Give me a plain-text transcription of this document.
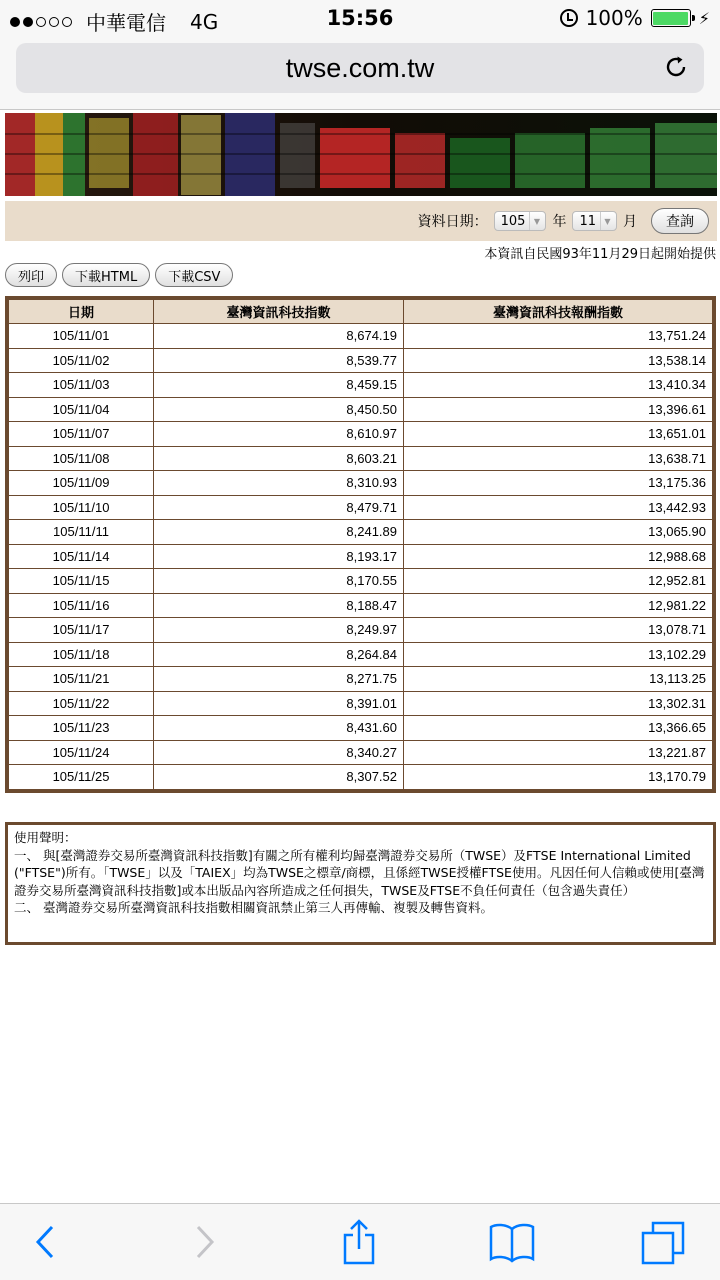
中華電信 4G	15:56	100%	⚡
twse.com.tw
資料日期： 105	▼ 年 11	▼ 月	查詢
本資訊自民國93年11月29日起開始提供
列印	下載HTML	下載CSV
日期	臺灣資訊科技指數	臺灣資訊科技報酬指數
105/11/01	8,674.19	13,751.24
105/11/02	8,539.77	13,538.14
105/11/03	8,459.15	13,410.34
105/11/04	8,450.50	13,396.61
105/11/07	8,610.97	13,651.01
105/11/08	8,603.21	13,638.71
105/11/09	8,310.93	13,175.36
105/11/10	8,479.71	13,442.93
105/11/11	8,241.89	13,065.90
105/11/14	8,193.17	12,988.68
105/11/15	8,170.55	12,952.81
105/11/16	8,188.47	12,981.22
105/11/17	8,249.97	13,078.71
105/11/18	8,264.84	13,102.29
105/11/21	8,271.75	13,113.25
105/11/22	8,391.01	13,302.31
105/11/23	8,431.60	13,366.65
105/11/24	8,340.27	13,221.87
105/11/25	8,307.52	13,170.79

使用聲明：

一、 與[臺灣證券交易所臺灣資訊科技指數]有關之所有權利均歸臺灣證券交易所（TWSE）及FTSE International Limited ("FTSE")所有。「TWSE」以及「TAIEX」均為TWSE之標章/商標，且係經TWSE授權FTSE使用。凡因任何人信賴或使用[臺灣證券交易所臺灣資訊科技指數]或本出版品內容所造成之任何損失，TWSE及FTSE不負任何責任（包含過失責任）

二、 臺灣證券交易所臺灣資訊科技指數相關資訊禁止第三人再傳輸、複製及轉售資料。
